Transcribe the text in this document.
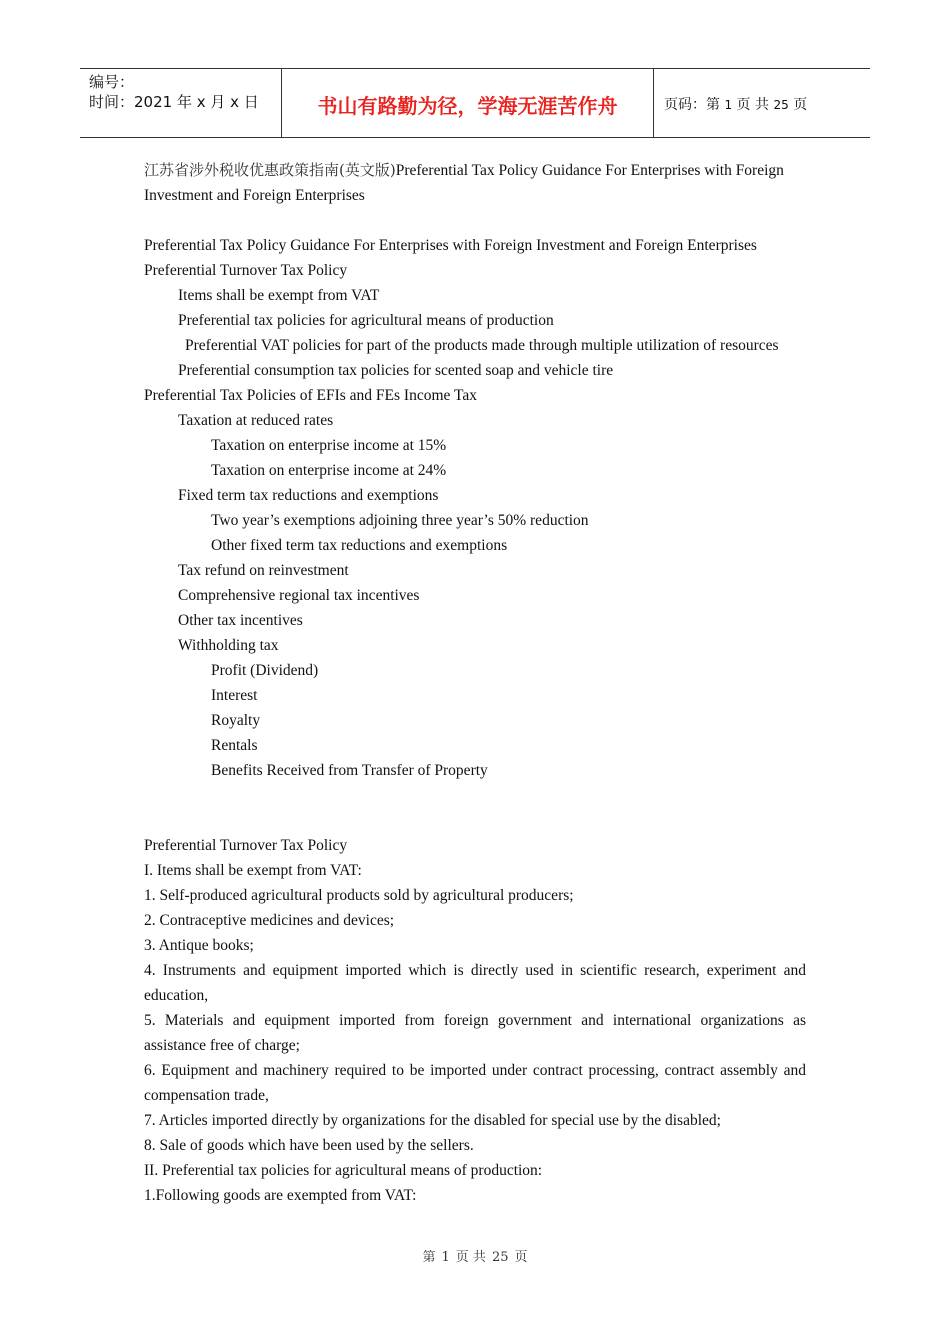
编号：
时间：2021 年 x 月 x 日	书山有路勤为径，学海无涯苦作舟	页码：第 1 页 共 25 页
江苏省涉外税收优惠政策指南(英文版)Preferential Tax Policy Guidance For Enterprises with Foreign Investment and Foreign Enterprises
Preferential Tax Policy Guidance For Enterprises with Foreign Investment and Foreign Enterprises
Preferential Turnover Tax Policy
Items shall be exempt from VAT
Preferential tax policies for agricultural means of production
Preferential VAT policies for part of the products made through multiple utilization of resources
Preferential consumption tax policies for scented soap and vehicle tire
Preferential Tax Policies of EFIs and FEs Income Tax
Taxation at reduced rates
Taxation on enterprise income at 15%
Taxation on enterprise income at 24%
Fixed term tax reductions and exemptions
Two year’s exemptions adjoining three year’s 50% reduction
Other fixed term tax reductions and exemptions
Tax refund on reinvestment
Comprehensive regional tax incentives
Other tax incentives
Withholding tax
Profit (Dividend)
Interest
Royalty
Rentals
Benefits Received from Transfer of Property
Preferential Turnover Tax Policy
I. Items shall be exempt from VAT:
1. Self-produced agricultural products sold by agricultural producers;
2. Contraceptive medicines and devices;
3. Antique books;
4. Instruments and equipment imported which is directly used in scientific research, experiment and education,
5. Materials and equipment imported from foreign government and international organizations as assistance free of charge;
6. Equipment and machinery required to be imported under contract processing, contract assembly and compensation trade,
7. Articles imported directly by organizations for the disabled for special use by the disabled;
8. Sale of goods which have been used by the sellers.
II. Preferential tax policies for agricultural means of production:
1.Following goods are exempted from VAT:
第 1 页 共 25 页
